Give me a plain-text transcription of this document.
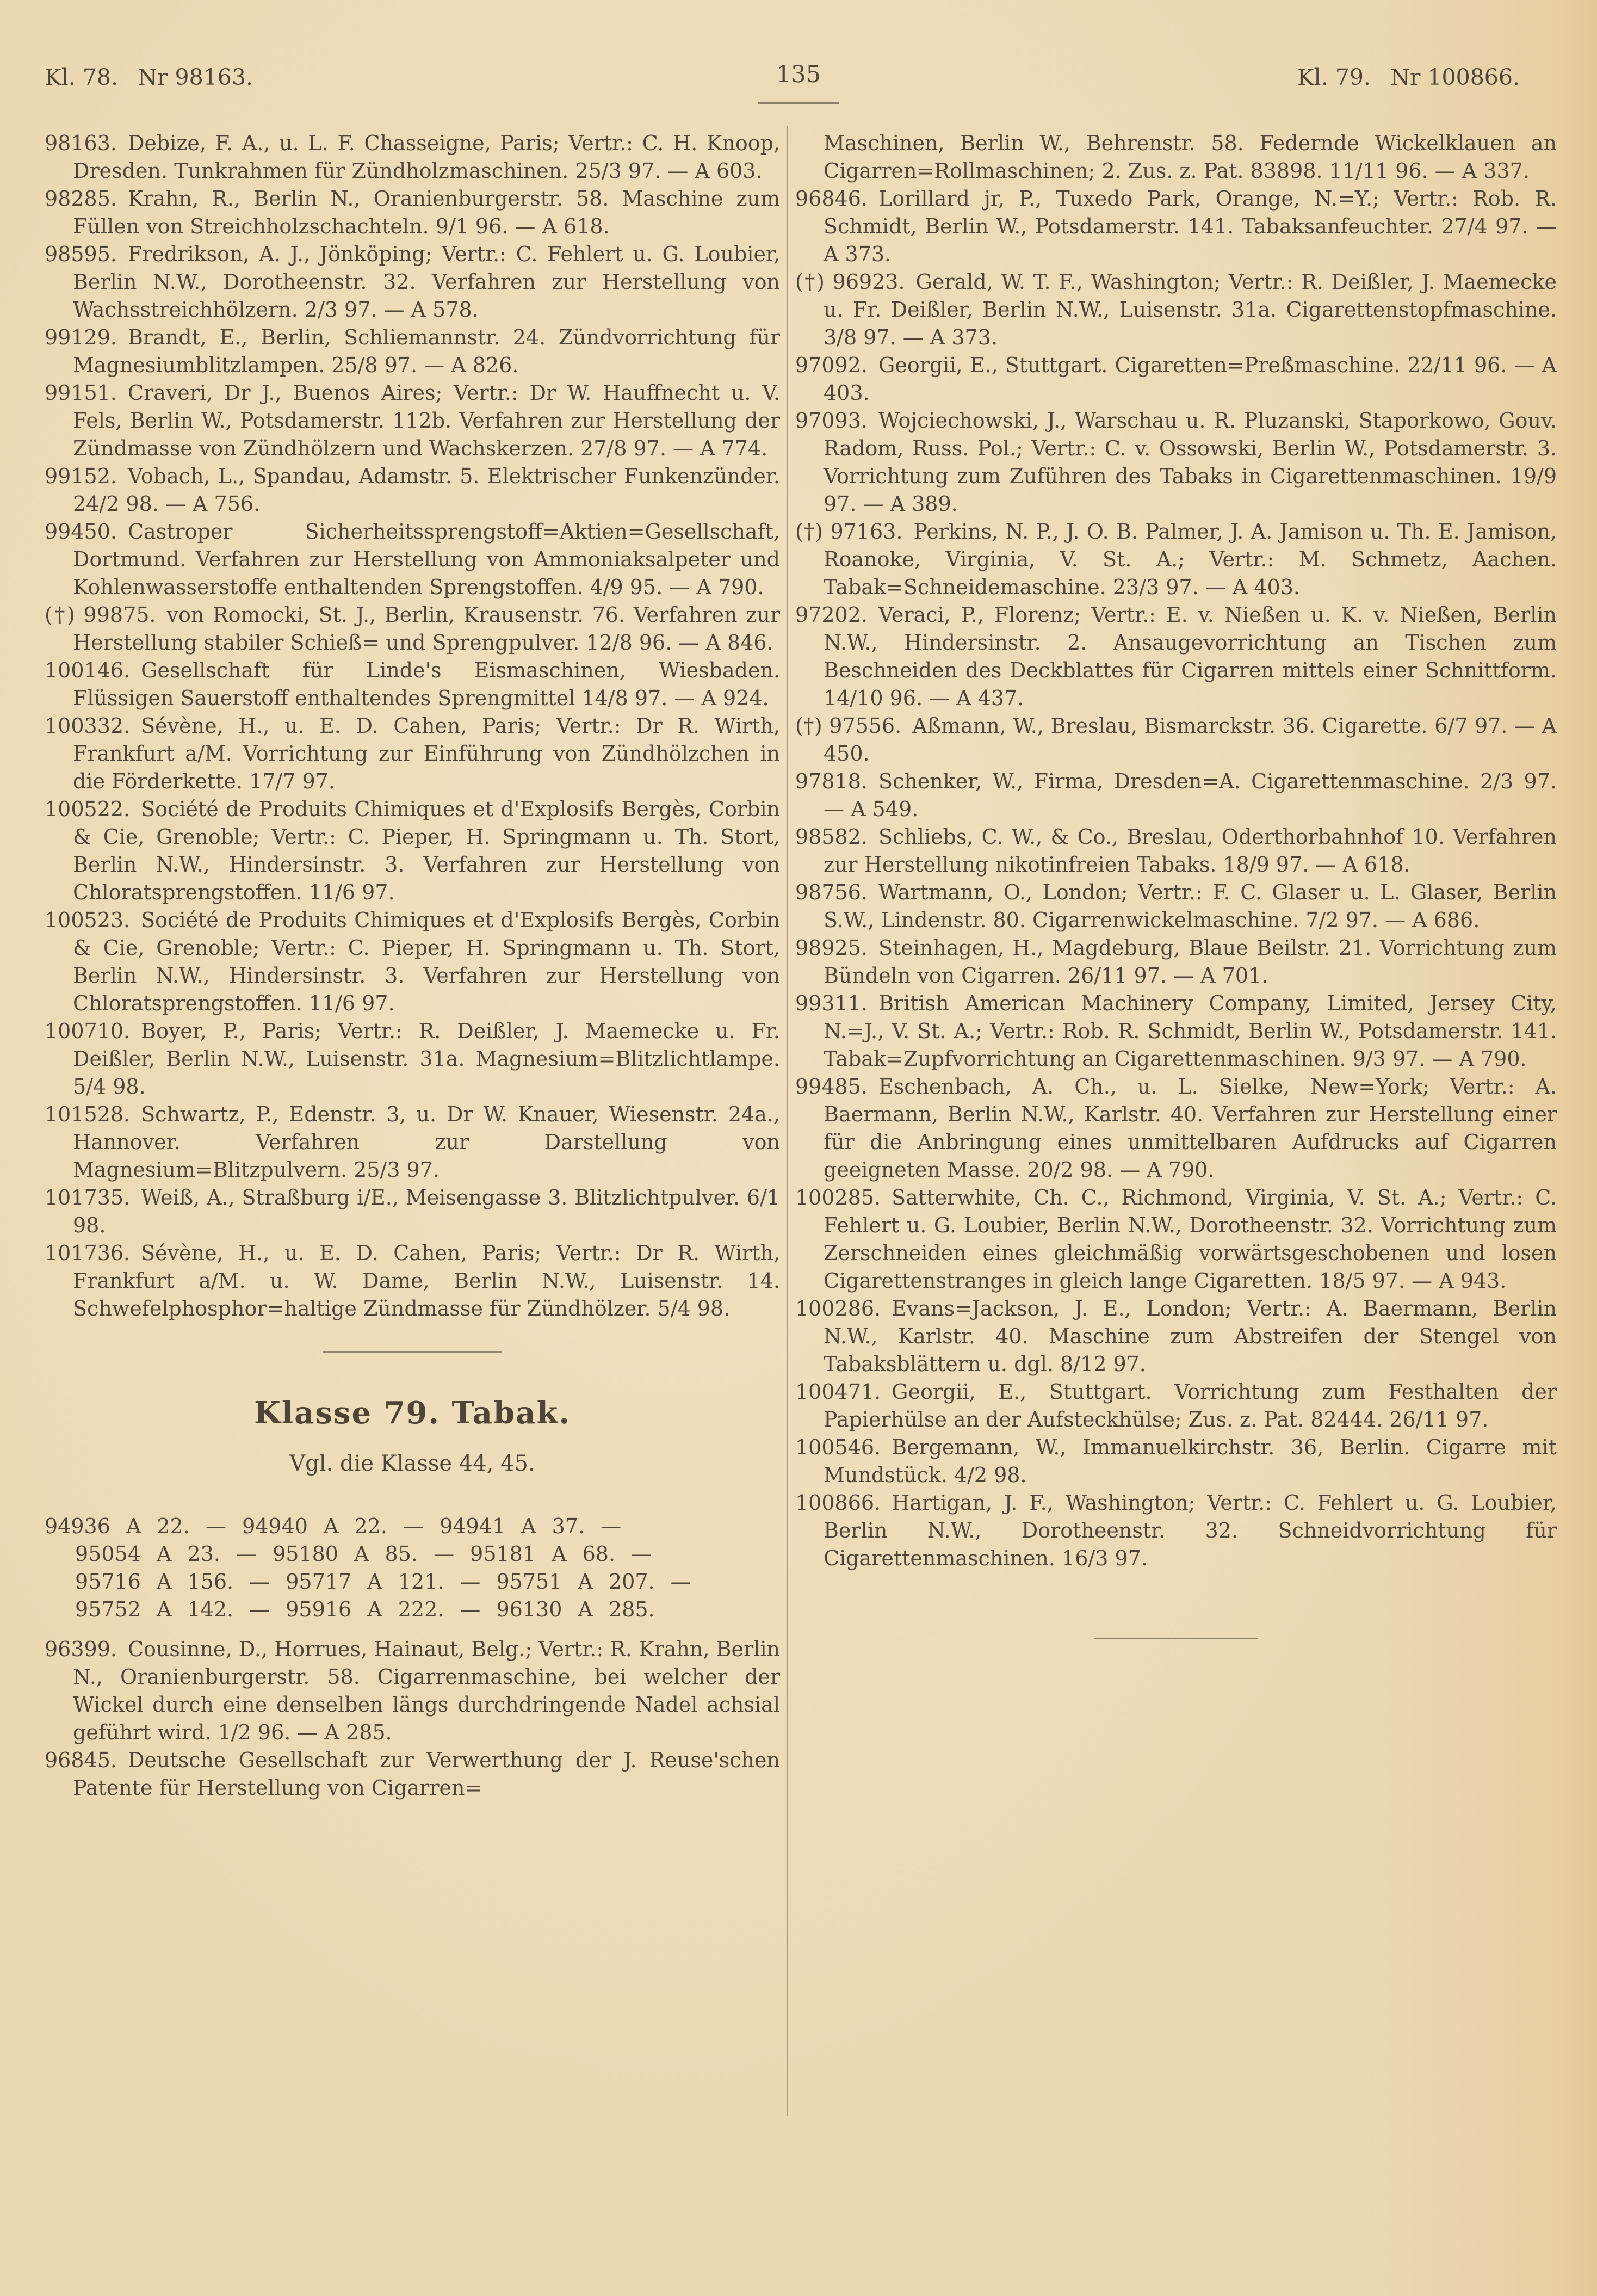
Kl. 78. Nr 98163.	135	Kl. 79. Nr 100866.

98163. Debize, F. A., u. L. F. Chasseigne, Paris; Vertr.: C. H. Knoop, Dresden. Tunkrahmen für Zündholzmaschinen. 25/3 97. — A 603.

98285. Krahn, R., Berlin N., Oranienburgerstr. 58. Maschine zum Füllen von Streichholzschachteln. 9/1 96. — A 618.

98595. Fredrikson, A. J., Jönköping; Vertr.: C. Fehlert u. G. Loubier, Berlin N.W., Dorotheenstr. 32. Verfahren zur Herstellung von Wachsstreichhölzern. 2/3 97. — A 578.

99129. Brandt, E., Berlin, Schliemannstr. 24. Zündvorrichtung für Magnesiumblitzlampen. 25/8 97. — A 826.

99151. Craveri, Dr J., Buenos Aires; Vertr.: Dr W. Hauffnecht u. V. Fels, Berlin W., Potsdamerstr. 112b. Verfahren zur Herstellung der Zündmasse von Zündhölzern und Wachskerzen. 27/8 97. — A 774.

99152. Vobach, L., Spandau, Adamstr. 5. Elektrischer Funkenzünder. 24/2 98. — A 756.

99450. Castroper Sicherheitssprengstoff=Aktien=Gesellschaft, Dortmund. Verfahren zur Herstellung von Ammoniaksalpeter und Kohlenwasserstoffe enthaltenden Sprengstoffen. 4/9 95. — A 790.

(†) 99875. von Romocki, St. J., Berlin, Krausenstr. 76. Verfahren zur Herstellung stabiler Schieß= und Sprengpulver. 12/8 96. — A 846.

100146. Gesellschaft für Linde's Eismaschinen, Wiesbaden. Flüssigen Sauerstoff enthaltendes Sprengmittel 14/8 97. — A 924.

100332. Sévène, H., u. E. D. Cahen, Paris; Vertr.: Dr R. Wirth, Frankfurt a/M. Vorrichtung zur Einführung von Zündhölzchen in die Förderkette. 17/7 97.

100522. Société de Produits Chimiques et d'Explosifs Bergès, Corbin & Cie, Grenoble; Vertr.: C. Pieper, H. Springmann u. Th. Stort, Berlin N.W., Hindersinstr. 3. Verfahren zur Herstellung von Chloratsprengstoffen. 11/6 97.

100523. Société de Produits Chimiques et d'Explosifs Bergès, Corbin & Cie, Grenoble; Vertr.: C. Pieper, H. Springmann u. Th. Stort, Berlin N.W., Hindersinstr. 3. Verfahren zur Herstellung von Chloratsprengstoffen. 11/6 97.

100710. Boyer, P., Paris; Vertr.: R. Deißler, J. Maemecke u. Fr. Deißler, Berlin N.W., Luisenstr. 31a. Magnesium=Blitzlichtlampe. 5/4 98.

101528. Schwartz, P., Edenstr. 3, u. Dr W. Knauer, Wiesenstr. 24a., Hannover. Verfahren zur Darstellung von Magnesium=Blitzpulvern. 25/3 97.

101735. Weiß, A., Straßburg i/E., Meisengasse 3. Blitzlichtpulver. 6/1 98.

101736. Sévène, H., u. E. D. Cahen, Paris; Vertr.: Dr R. Wirth, Frankfurt a/M. u. W. Dame, Berlin N.W., Luisenstr. 14. Schwefelphosphor=haltige Zündmasse für Zündhölzer. 5/4 98.

Klasse 79. Tabak.
Vgl. die Klasse 44, 45.
94936 A 22. — 94940 A 22. — 94941 A 37. —
95054 A 23. — 95180 A 85. — 95181 A 68. —
95716 A 156. — 95717 A 121. — 95751 A 207. —
95752 A 142. — 95916 A 222. — 96130 A 285.

96399. Cousinne, D., Horrues, Hainaut, Belg.; Vertr.: R. Krahn, Berlin N., Oranienburgerstr. 58. Cigarrenmaschine, bei welcher der Wickel durch eine denselben längs durchdringende Nadel achsial geführt wird. 1/2 96. — A 285.

96845. Deutsche Gesellschaft zur Verwerthung der J. Reuse'schen Patente für Herstellung von Cigarren=

Maschinen, Berlin W., Behrenstr. 58. Federnde Wickelklauen an Cigarren=Rollmaschinen; 2. Zus. z. Pat. 83898. 11/11 96. — A 337.

96846. Lorillard jr, P., Tuxedo Park, Orange, N.=Y.; Vertr.: Rob. R. Schmidt, Berlin W., Potsdamerstr. 141. Tabaksanfeuchter. 27/4 97. — A 373.

(†) 96923. Gerald, W. T. F., Washington; Vertr.: R. Deißler, J. Maemecke u. Fr. Deißler, Berlin N.W., Luisenstr. 31a. Cigarettenstopfmaschine. 3/8 97. — A 373.

97092. Georgii, E., Stuttgart. Cigaretten=Preßmaschine. 22/11 96. — A 403.

97093. Wojciechowski, J., Warschau u. R. Pluzanski, Staporkowo, Gouv. Radom, Russ. Pol.; Vertr.: C. v. Ossowski, Berlin W., Potsdamerstr. 3. Vorrichtung zum Zuführen des Tabaks in Cigarettenmaschinen. 19/9 97. — A 389.

(†) 97163. Perkins, N. P., J. O. B. Palmer, J. A. Jamison u. Th. E. Jamison, Roanoke, Virginia, V. St. A.; Vertr.: M. Schmetz, Aachen. Tabak=Schneidemaschine. 23/3 97. — A 403.

97202. Veraci, P., Florenz; Vertr.: E. v. Nießen u. K. v. Nießen, Berlin N.W., Hindersinstr. 2. Ansaugevorrichtung an Tischen zum Beschneiden des Deckblattes für Cigarren mittels einer Schnittform. 14/10 96. — A 437.

(†) 97556. Aßmann, W., Breslau, Bismarckstr. 36. Cigarette. 6/7 97. — A 450.

97818. Schenker, W., Firma, Dresden=A. Cigarettenmaschine. 2/3 97. — A 549.

98582. Schliebs, C. W., & Co., Breslau, Oderthorbahnhof 10. Verfahren zur Herstellung nikotinfreien Tabaks. 18/9 97. — A 618.

98756. Wartmann, O., London; Vertr.: F. C. Glaser u. L. Glaser, Berlin S.W., Lindenstr. 80. Cigarrenwickelmaschine. 7/2 97. — A 686.

98925. Steinhagen, H., Magdeburg, Blaue Beilstr. 21. Vorrichtung zum Bündeln von Cigarren. 26/11 97. — A 701.

99311. British American Machinery Company, Limited, Jersey City, N.=J., V. St. A.; Vertr.: Rob. R. Schmidt, Berlin W., Potsdamerstr. 141. Tabak=Zupfvorrichtung an Cigarettenmaschinen. 9/3 97. — A 790.

99485. Eschenbach, A. Ch., u. L. Sielke, New=York; Vertr.: A. Baermann, Berlin N.W., Karlstr. 40. Verfahren zur Herstellung einer für die Anbringung eines unmittelbaren Aufdrucks auf Cigarren geeigneten Masse. 20/2 98. — A 790.

100285. Satterwhite, Ch. C., Richmond, Virginia, V. St. A.; Vertr.: C. Fehlert u. G. Loubier, Berlin N.W., Dorotheenstr. 32. Vorrichtung zum Zerschneiden eines gleichmäßig vorwärtsgeschobenen und losen Cigarettenstranges in gleich lange Cigaretten. 18/5 97. — A 943.

100286. Evans=Jackson, J. E., London; Vertr.: A. Baermann, Berlin N.W., Karlstr. 40. Maschine zum Abstreifen der Stengel von Tabaksblättern u. dgl. 8/12 97.

100471. Georgii, E., Stuttgart. Vorrichtung zum Festhalten der Papierhülse an der Aufsteckhülse; Zus. z. Pat. 82444. 26/11 97.

100546. Bergemann, W., Immanuelkirchstr. 36, Berlin. Cigarre mit Mundstück. 4/2 98.

100866. Hartigan, J. F., Washington; Vertr.: C. Fehlert u. G. Loubier, Berlin N.W., Dorotheenstr. 32. Schneidvorrichtung für Cigarettenmaschinen. 16/3 97.
